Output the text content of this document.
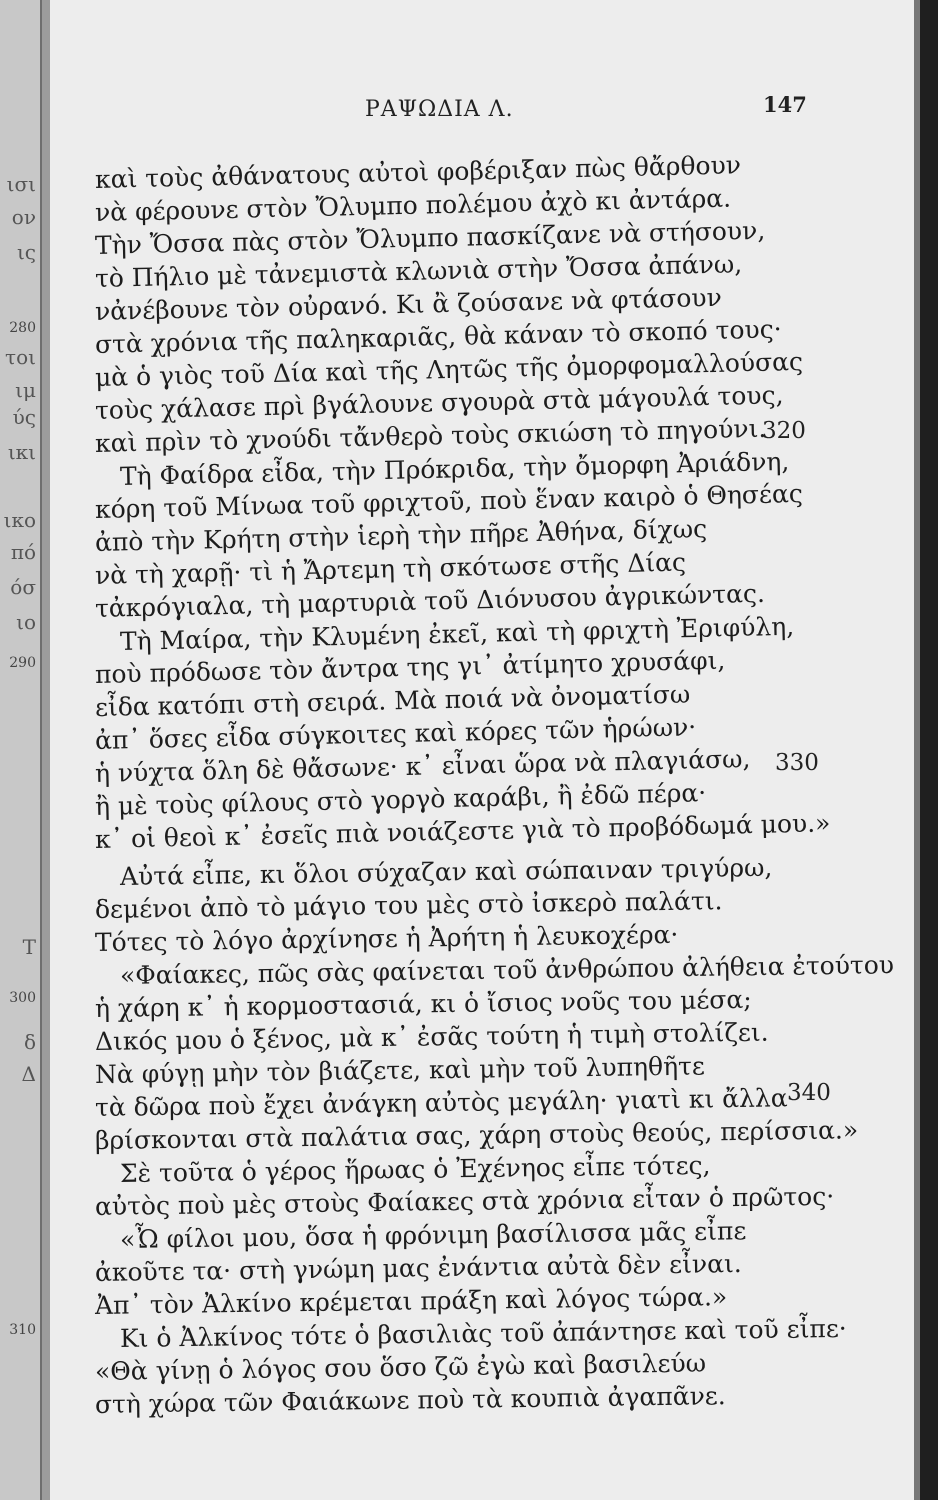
ισι
ον
ις
280
τοι
ιμ
ύς
ικι
ικο
πό
όσ
ιο
290
T
300
δ
Δ
310
ΡΑΨΩΔΙΑ Λ.	147
καὶ τοὺς ἀθάνατους αὐτοὶ φοβέριξαν πὼς θἄρθουν
νὰ φέρουνε στὸν Ὄλυμπο πολέμου ἀχὸ κι ἀντάρα.
Τὴν Ὄσσα πὰς στὸν Ὄλυμπο πασκίζανε νὰ στήσουν,
τὸ Πήλιο μὲ τἀνεμιστὰ κλωνιὰ στὴν Ὄσσα ἀπάνω,
νἀνέβουνε τὸν οὐρανό. Κι ἂ ζούσανε νὰ φτάσουν
στὰ χρόνια τῆς παληκαριᾶς, θὰ κάναν τὸ σκοπό τους·
μὰ ὁ γιὸς τοῦ Δία καὶ τῆς Λητῶς τῆς ὀμορφομαλλούσας
τοὺς χάλασε πρὶ βγάλουνε σγουρὰ στὰ μάγουλά τους,
καὶ πρὶν τὸ χνούδι τἄνθερὸ τοὺς σκιώση τὸ πηγούνι.
Τὴ Φαίδρα εἶδα, τὴν Πρόκριδα, τὴν ὄμορφη Ἀριάδνη,
κόρη τοῦ Μίνωα τοῦ φριχτοῦ, ποὺ ἕναν καιρὸ ὁ Θησέας
ἀπὸ τὴν Κρήτη στὴν ἱερὴ τὴν πῆρε Ἀθήνα, δίχως
νὰ τὴ χαρῇ· τὶ ἡ Ἄρτεμη τὴ σκότωσε στῆς Δίας
τἀκρόγιαλα, τὴ μαρτυριὰ τοῦ Διόνυσου ἀγρικώντας.
Τὴ Μαίρα, τὴν Κλυμένη ἐκεῖ, καὶ τὴ φριχτὴ Ἐριφύλη,
ποὺ πρόδωσε τὸν ἄντρα της γι᾽ ἀτίμητο χρυσάφι,
εἶδα κατόπι στὴ σειρά. Μὰ ποιά νὰ ὀνοματίσω
ἀπ᾽ ὅσες εἶδα σύγκοιτες καὶ κόρες τῶν ἡρώων·
ἡ νύχτα ὅλη δὲ θἄσωνε· κ᾽ εἶναι ὥρα νὰ πλαγιάσω,
ἢ μὲ τοὺς φίλους στὸ γοργὸ καράβι, ἢ ἐδῶ πέρα·
κ᾽ οἱ θεοὶ κ᾽ ἐσεῖς πιὰ νοιάζεστε γιὰ τὸ προβόδωμά μου.»
Αὐτά εἶπε, κι ὅλοι σύχαζαν καὶ σώπαιναν τριγύρω,
δεμένοι ἀπὸ τὸ μάγιο του μὲς στὸ ἰσκερὸ παλάτι.
Τότες τὸ λόγο ἀρχίνησε ἡ Ἀρήτη ἡ λευκοχέρα·
«Φαίακες, πῶς σὰς φαίνεται τοῦ ἀνθρώπου ἀλήθεια ἐτούτου
ἡ χάρη κ᾽ ἡ κορμοστασιά, κι ὁ ἴσιος νοῦς του μέσα;
Δικός μου ὁ ξένος, μὰ κ᾽ ἐσᾶς τούτη ἡ τιμὴ στολίζει.
Νὰ φύγῃ μὴν τὸν βιάζετε, καὶ μὴν τοῦ λυπηθῆτε
τὰ δῶρα ποὺ ἔχει ἀνάγκη αὐτὸς μεγάλη· γιατὶ κι ἄλλα
βρίσκονται στὰ παλάτια σας, χάρη στοὺς θεούς, περίσσια.»
Σὲ τοῦτα ὁ γέρος ἥρωας ὁ Ἐχένηος εἶπε τότες,
αὐτὸς ποὺ μὲς στοὺς Φαίακες στὰ χρόνια εἶταν ὁ πρῶτος·
«Ὦ φίλοι μου, ὅσα ἡ φρόνιμη βασίλισσα μᾶς εἶπε
ἀκοῦτε τα· στὴ γνώμη μας ἐνάντια αὐτὰ δὲν εἶναι.
Ἀπ᾽ τὸν Ἀλκίνο κρέμεται πράξη καὶ λόγος τώρα.»
Κι ὁ Ἀλκίνος τότε ὁ βασιλιὰς τοῦ ἀπάντησε καὶ τοῦ εἶπε·
«Θὰ γίνῃ ὁ λόγος σου ὅσο ζῶ ἐγὼ καὶ βασιλεύω
στὴ χώρα τῶν Φαιάκωνε ποὺ τὰ κουπιὰ ἀγαπᾶνε.
320
330
340
